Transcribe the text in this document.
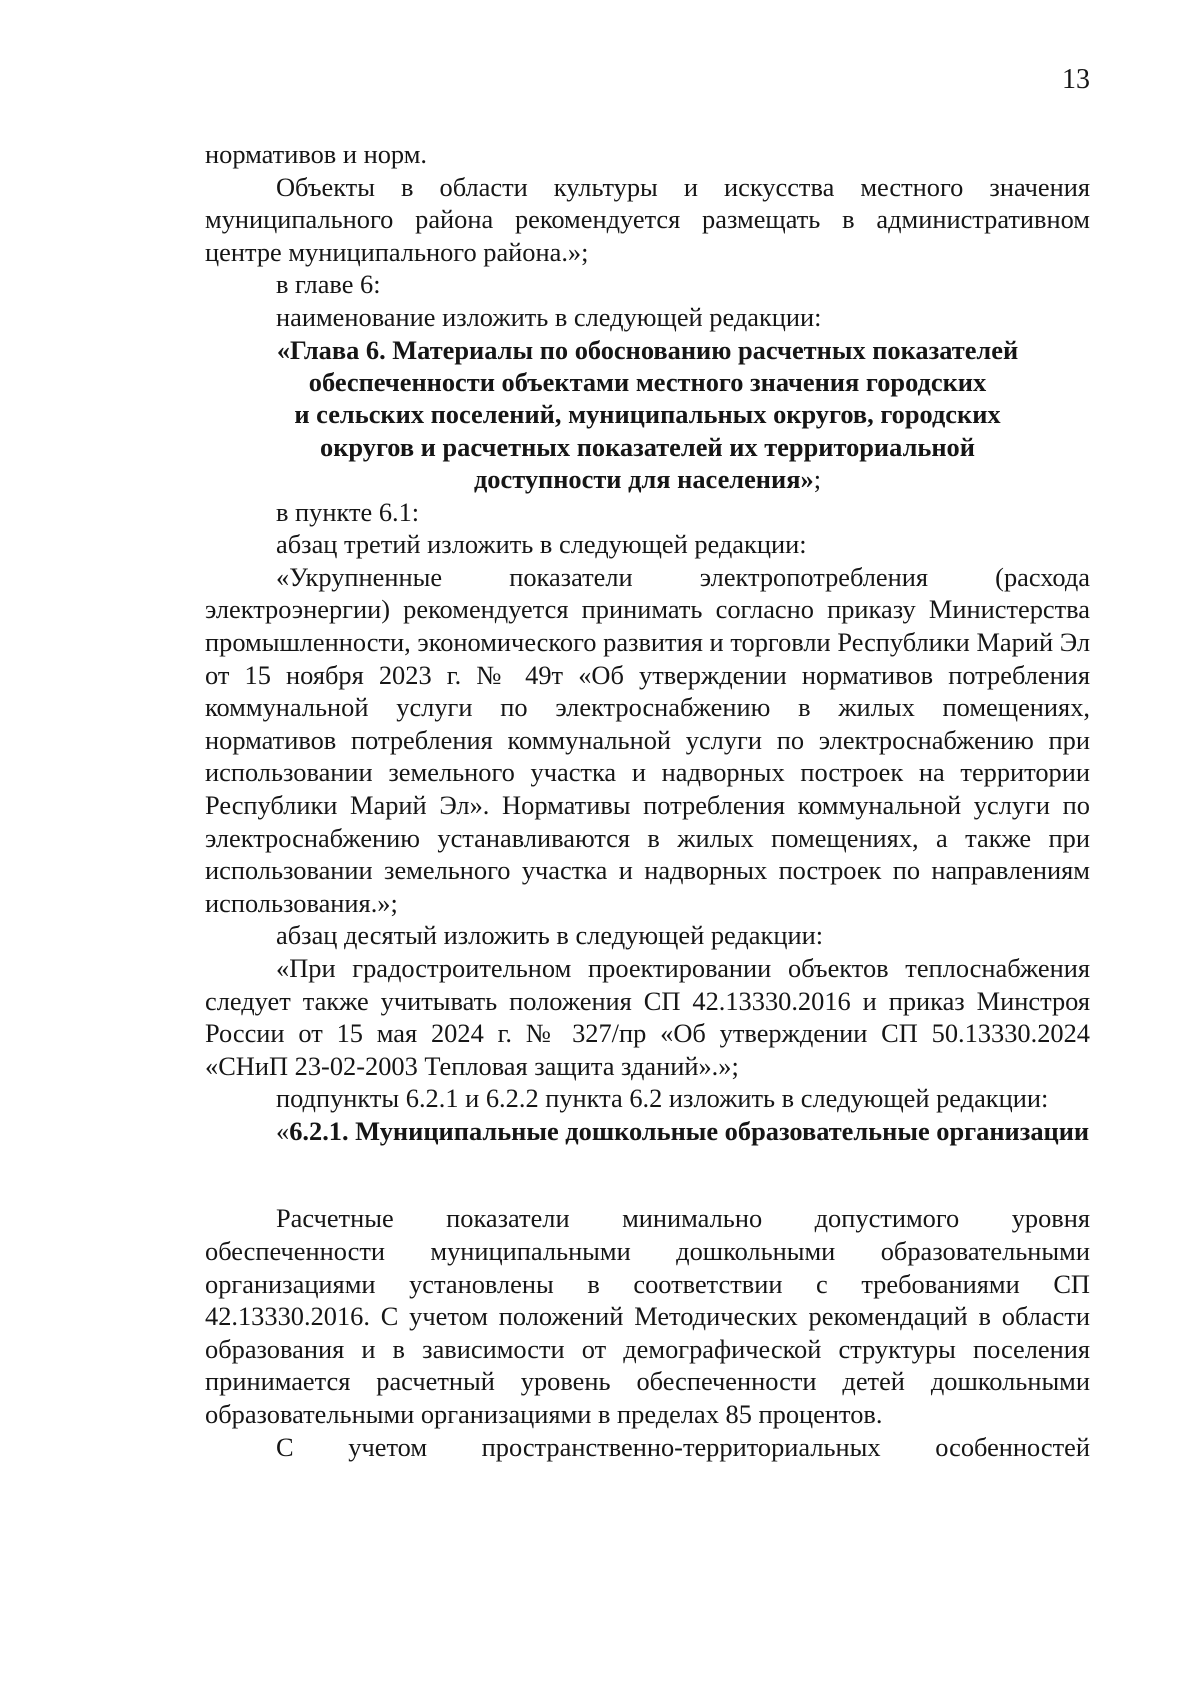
13

нормативов и норм.

Объекты в области культуры и искусства местного значения муниципального района рекомендуется размещать в административном центре муниципального района.»;

в главе 6:

наименование изложить в следующей редакции:

«Глава 6. Материалы по обоснованию расчетных показателей
обеспеченности объектами местного значения городских
и сельских поселений, муниципальных округов, городских
округов и расчетных показателей их территориальной
доступности для населения»;

в пункте 6.1:

абзац третий изложить в следующей редакции:

«Укрупненные показатели электропотребления (расхода электроэнергии) рекомендуется принимать согласно приказу Министерства промышленности, экономического развития и торговли Республики Марий Эл от 15 ноября 2023 г. № 49т «Об утверждении нормативов потребления коммунальной услуги по электроснабжению в жилых помещениях, нормативов потребления коммунальной услуги по электроснабжению при использовании земельного участка и надворных построек на территории Республики Марий Эл». Нормативы потребления коммунальной услуги по электроснабжению устанавливаются в жилых помещениях, а также при использовании земельного участка и надворных построек по направлениям использования.»;

абзац десятый изложить в следующей редакции:

«При градостроительном проектировании объектов теплоснабжения следует также учитывать положения СП 42.13330.2016 и приказ Минстроя России от 15 мая 2024 г. № 327/пр «Об утверждении СП 50.13330.2024 «СНиП 23-02-2003 Тепловая защита зданий».»;

подпункты 6.2.1 и 6.2.2 пункта 6.2 изложить в следующей редакции:

«6.2.1. Муниципальные дошкольные образовательные организации

Расчетные показатели минимально допустимого уровня обеспеченности муниципальными дошкольными образовательными организациями установлены в соответствии с требованиями СП 42.13330.2016. С учетом положений Методических рекомендаций в области образования и в зависимости от демографической структуры поселения принимается расчетный уровень обеспеченности детей дошкольными образовательными организациями в пределах 85 процентов.

С учетом пространственно-территориальных особенностей
